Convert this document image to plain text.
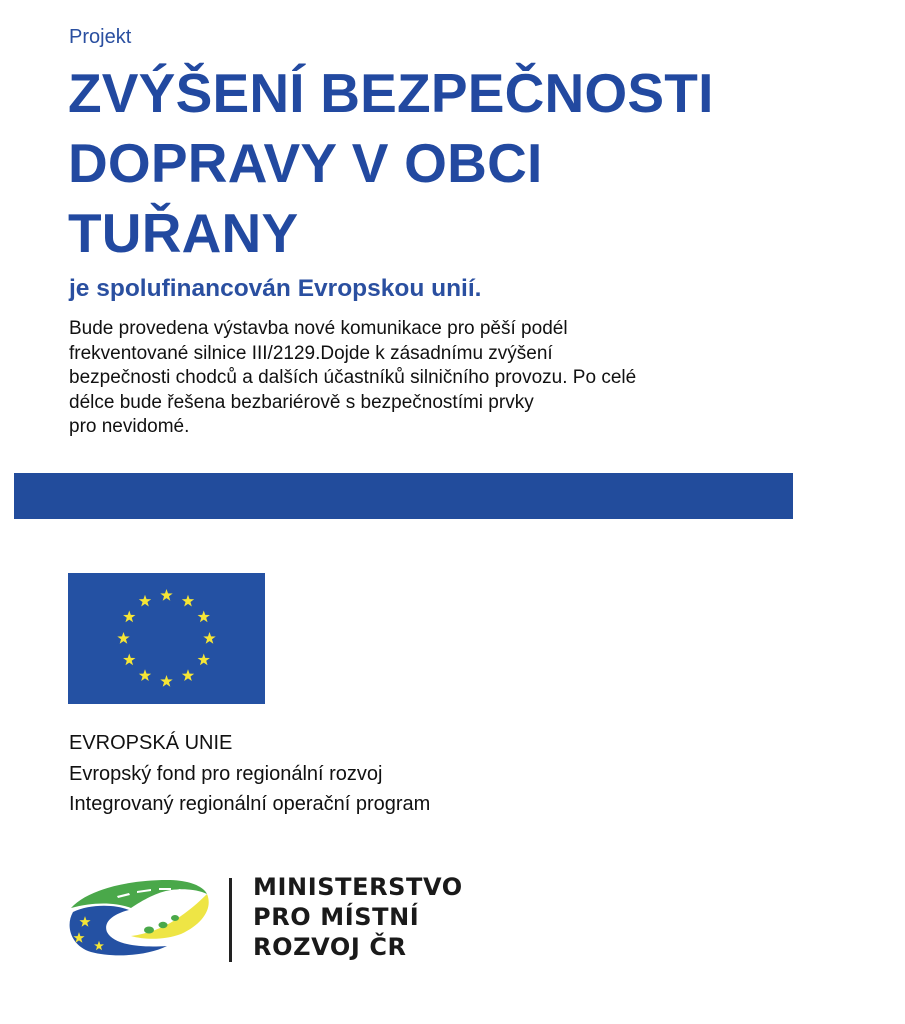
Projekt
ZVÝŠENÍ BEZPEČNOSTI
DOPRAVY V OBCI
TUŘANY
je spolufinancován Evropskou unií.
Bude provedena výstavba nové komunikace pro pěší podél
frekventované silnice III/2129.Dojde k zásadnímu zvýšení
bezpečnosti chodců a dalších účastníků silničního provozu. Po celé
délce bude řešena bezbariérově s bezpečnostími prvky
pro nevidomé.
EVROPSKÁ UNIE
Evropský fond pro regionální rozvoj
Integrovaný regionální operační program
MINISTERSTVO
PRO MÍSTNÍ
ROZVOJ ČR
